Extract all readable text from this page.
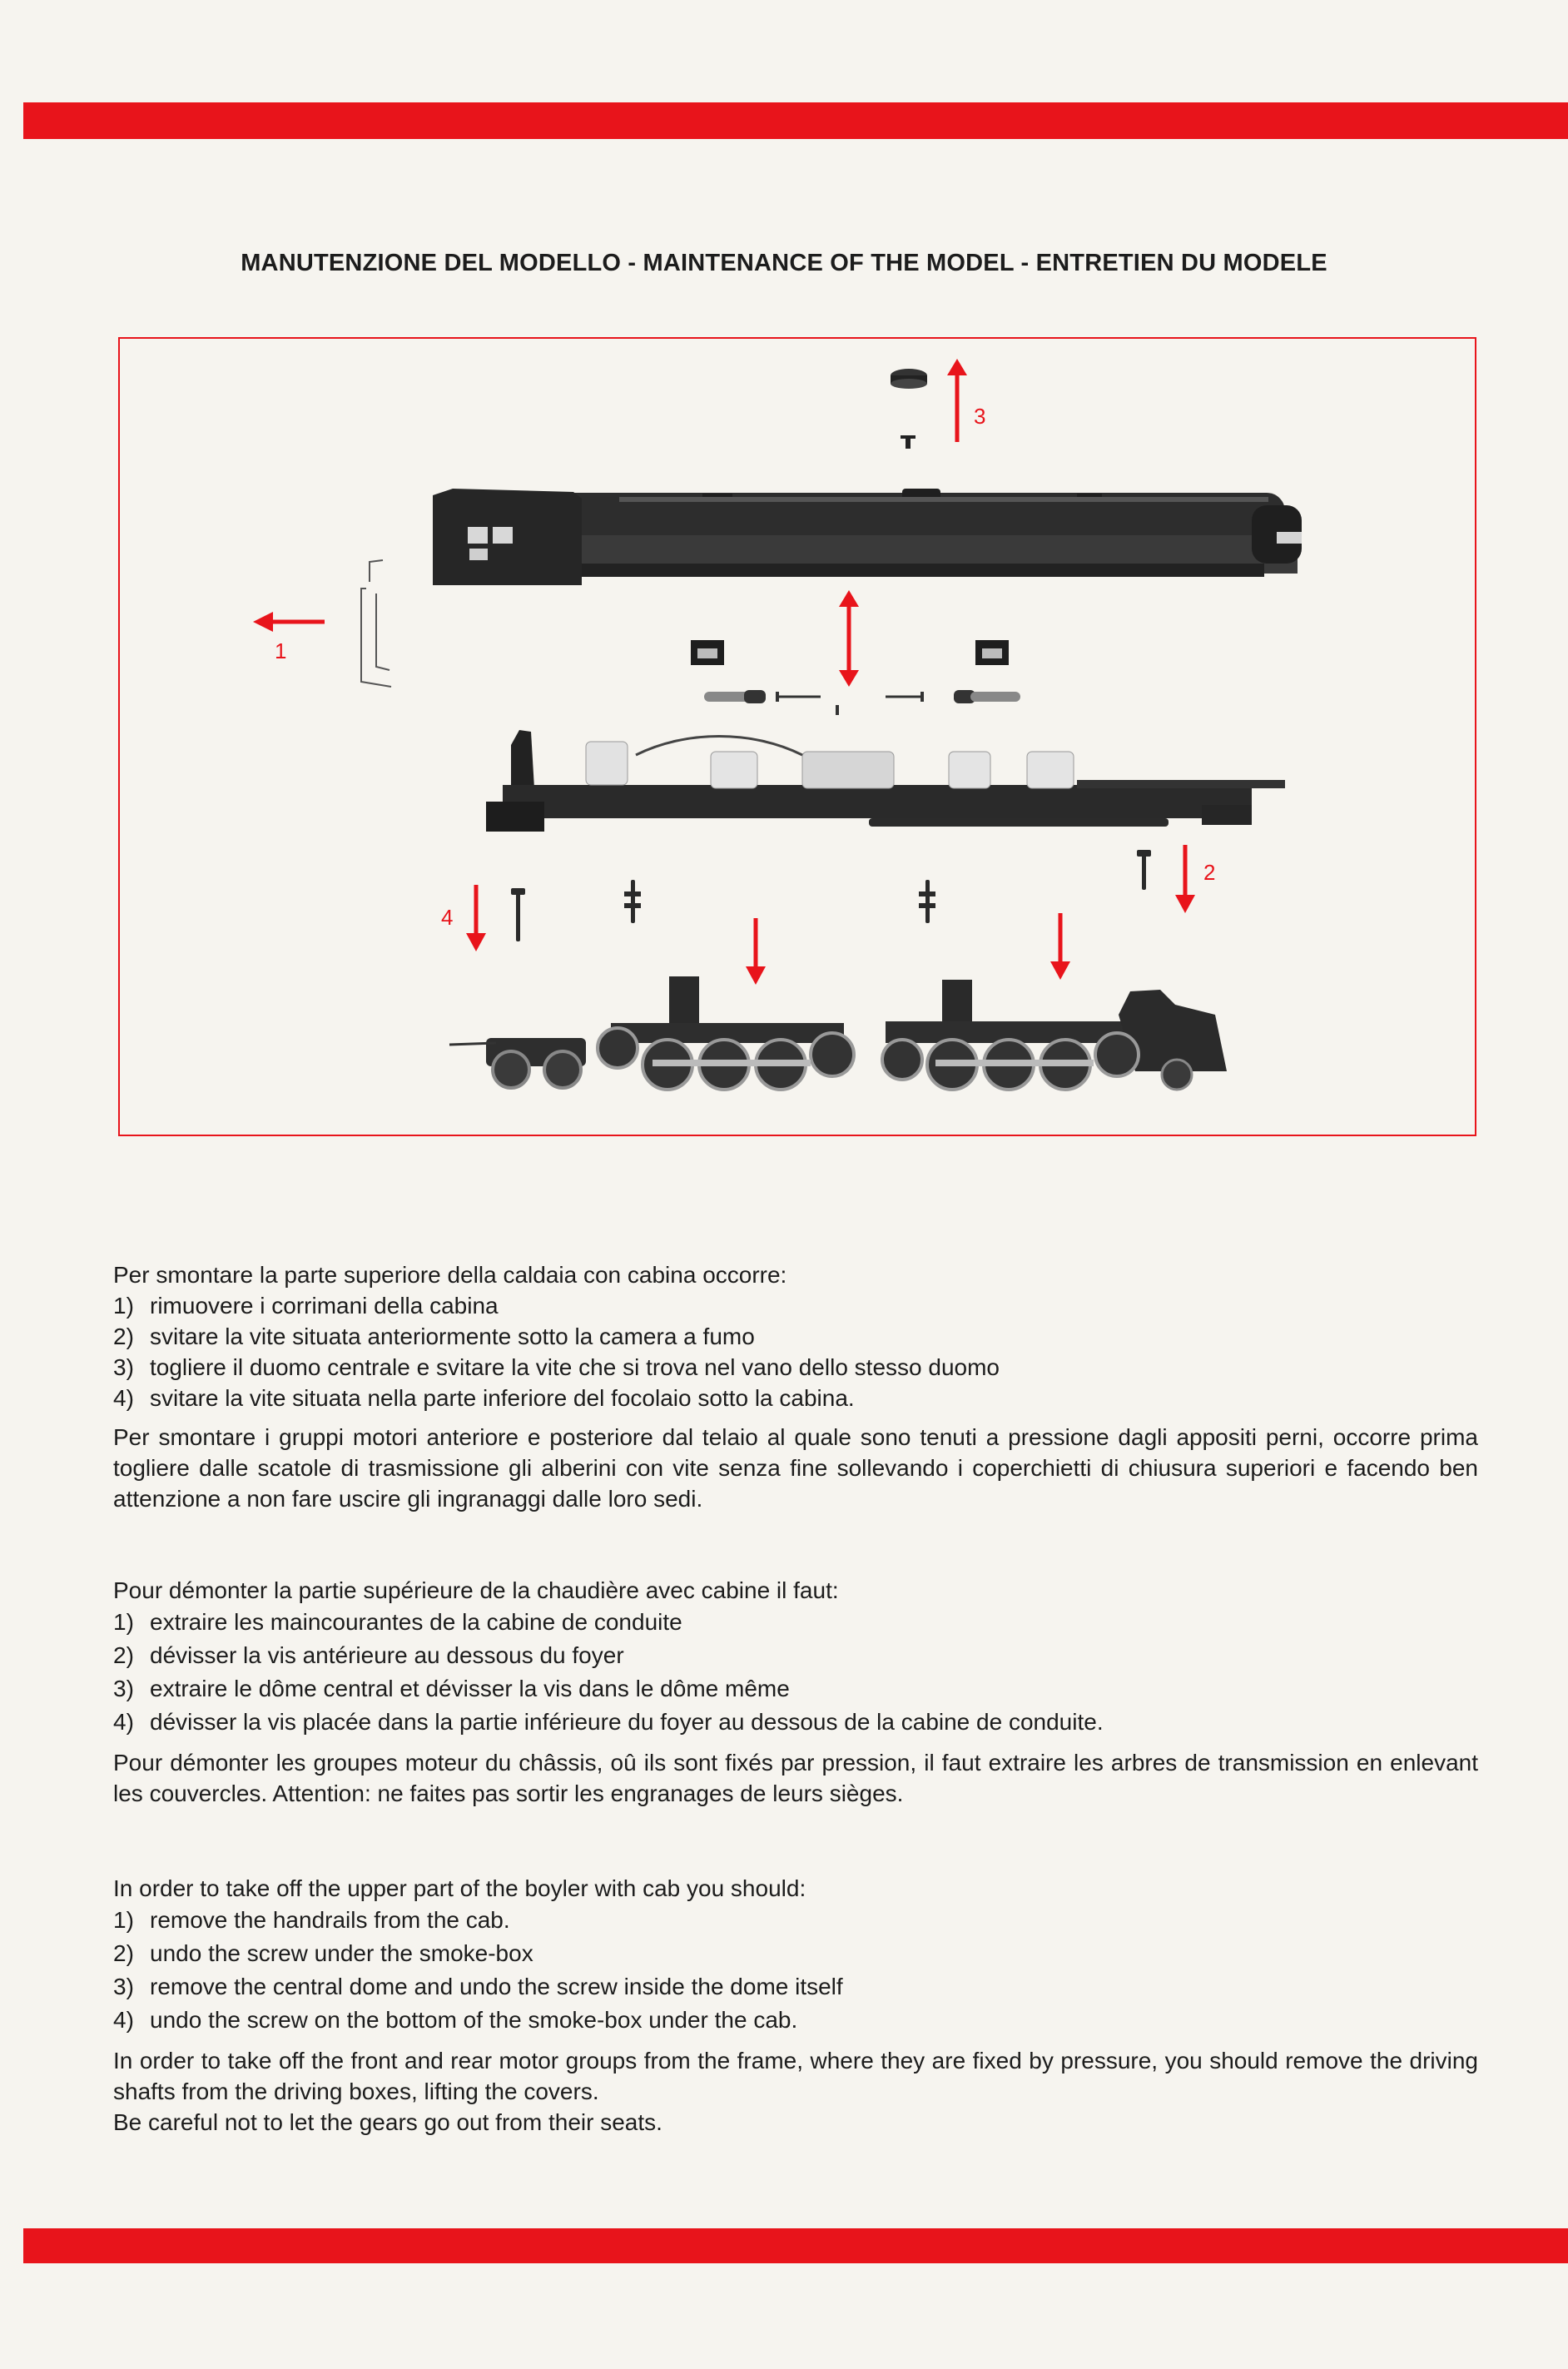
MANUTENZIONE DEL MODELLO - MAINTENANCE OF THE MODEL - ENTRETIEN DU MODELE
3
1
2
4

Per smontare la parte superiore della caldaia con cabina occorre:

1) rimuovere i corrimani della cabina
2) svitare la vite situata anteriormente sotto la camera a fumo
3) togliere il duomo centrale e svitare la vite che si trova nel vano dello stesso duomo
4) svitare la vite situata nella parte inferiore del focolaio sotto la cabina.

Per smontare i gruppi motori anteriore e posteriore dal telaio al quale sono tenuti a pressione dagli appositi perni, occorre prima togliere dalle scatole di trasmissione gli alberini con vite senza fine sollevando i coperchietti di chiusura superiori e facendo ben attenzione a non fare uscire gli ingranaggi dalle loro sedi.

Pour démonter la partie supérieure de la chaudière avec cabine il faut:

1) extraire les maincourantes de la cabine de conduite
2) dévisser la vis antérieure au dessous du foyer
3) extraire le dôme central et dévisser la vis dans le dôme même
4) dévisser la vis placée dans la partie inférieure du foyer au dessous de la cabine de conduite.

Pour démonter les groupes moteur du châssis, oû ils sont fixés par pression, il faut extraire les arbres de transmission en enlevant les couvercles. Attention: ne faites pas sortir les engranages de leurs sièges.

In order to take off the upper part of the boyler with cab you should:

1) remove the handrails from the cab.
2) undo the screw under the smoke-box
3) remove the central dome and undo the screw inside the dome itself
4) undo the screw on the bottom of the smoke-box under the cab.

In order to take off the front and rear motor groups from the frame, where they are fixed by pressure, you should remove the driving shafts from the driving boxes, lifting the covers.

Be careful not to let the gears go out from their seats.
